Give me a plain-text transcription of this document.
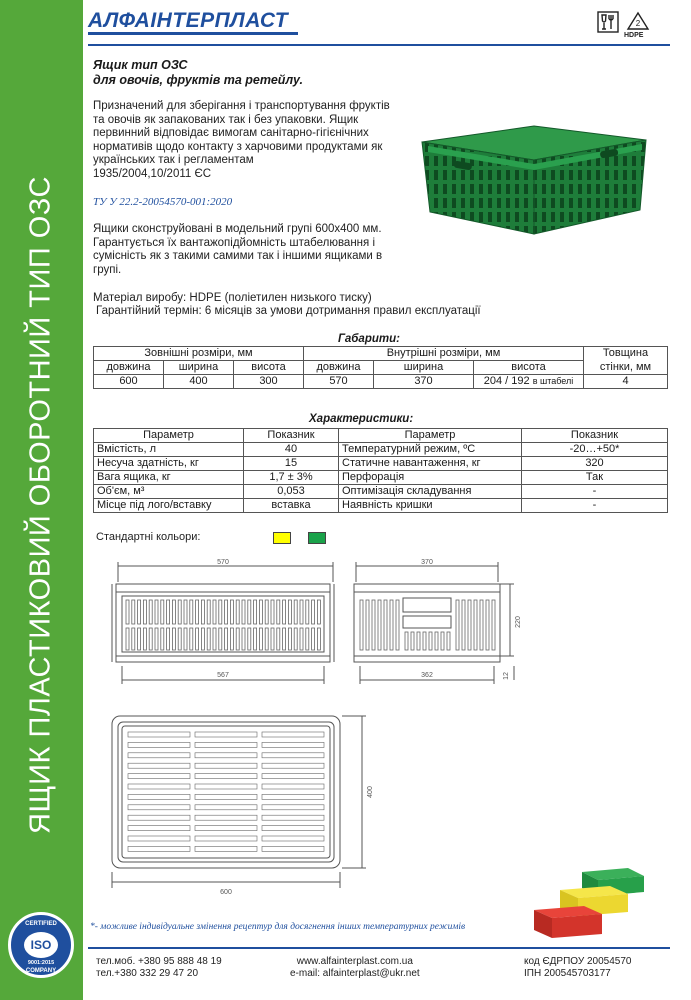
ЯЩИК ПЛАСТИКОВИЙ ОБОРОТНИЙ ТИП ОЗС
CERTIFIED
ISO
9001:2015
COMPANY
АЛФАІНТЕРПЛАСТ	2
HDPE
Ящик тип ОЗС
для овочів, фруктів та ретейлу.
Призначений для зберігання і транспортування фруктів
та овочів як запакованих так і без упаковки. Ящик
первинний відповідає вимогам санітарно-гігієнічних
нормативів щодо контакту з харчовими продуктами як
українських так і регламентам
1935/2004,10/2011 ЄС
ТУ У 22.2-20054570-001:2020
Ящики сконструйовані в модельний групі 600х400 мм.
Гарантується їх вантажопідйомність штабелювання і
сумісність як з такими самими так і іншими ящиками в
групі.
Матеріал виробу: HDPE (поліетилен низького тиску)
Гарантійний термін: 6 місяців за умови дотримання правил експлуатації
Габарити:
Зовнішні розміри, мм			Внутрішні розміри, мм			Товщина
довжина	ширина	висота	довжина	ширина	висота	стінки, мм
600	400	300	570	370	204 / 192 в штабелі	4
Характеристики:
Параметр	Показник	Параметр	Показник
Вмістість, л	40	Температурний режим, ºС	-20…+50*
Несуча здатність, кг	15	Статичне навантаження, кг	320
Вага ящика, кг	1,7 ± 3%	Перфорація	Так
Об'єм, м³	0,053	Оптимізація складування	-
Місце під лого/вставку	вставка	Наявність кришки	-
Стандартні кольори:
570
567
370
362
220
12
600
400
*- можливе індивідуальне змінення рецептур для досягнення інших температурних режимів
тел.моб. +380 95 888 48 19
тел.+380 332 29 47 20
www.alfainterplast.com.ua
e-mail: alfainterplast@ukr.net
код ЄДРПОУ 20054570
ІПН 200545703177
